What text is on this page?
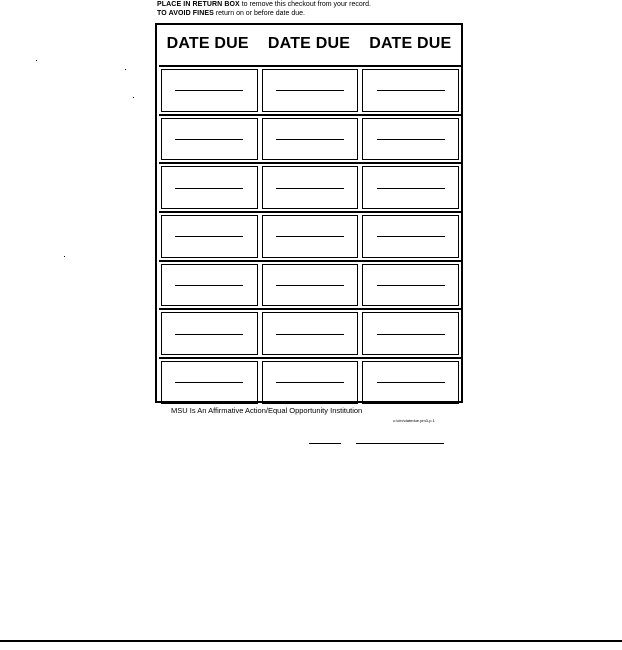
PLACE IN RETURN BOX to remove this checkout from your record.
TO AVOID FINES return on or before date due.
DATE DUE	DATE DUE	DATE DUE
MSU Is An Affirmative Action/Equal Opportunity Institution
c:\circ\datedue.pm3-p.1
